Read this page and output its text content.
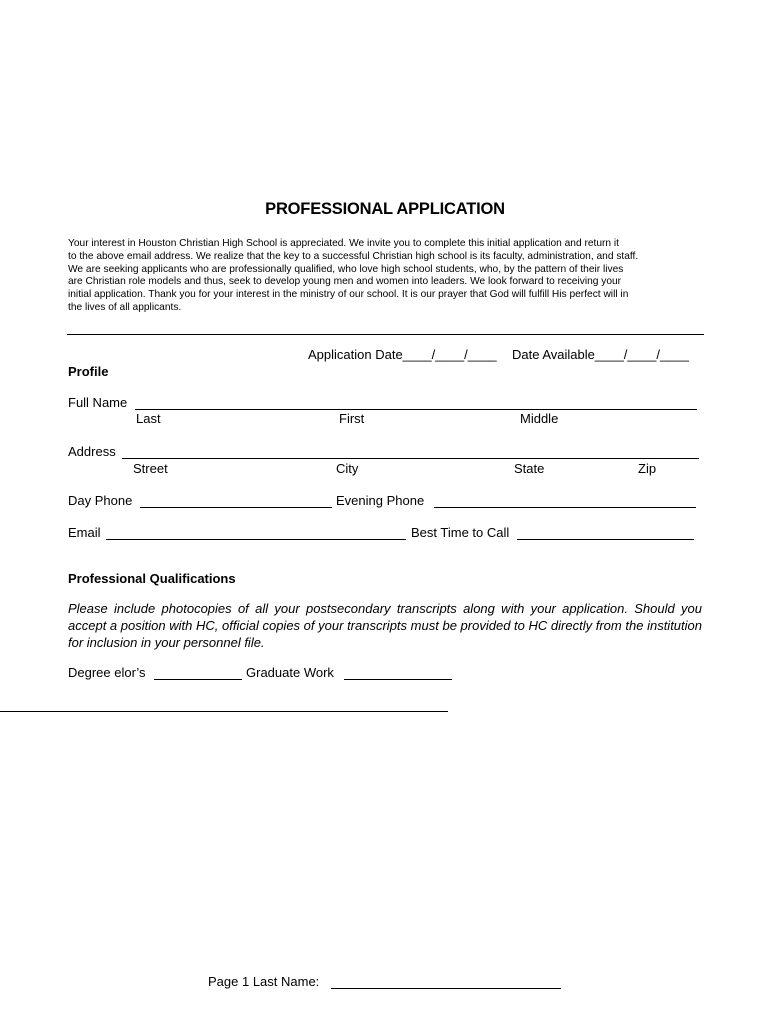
PROFESSIONAL APPLICATION
Your interest in Houston Christian High School is appreciated. We invite you to complete this initial application and return it
to the above email address. We realize that the key to a successful Christian high school is its faculty, administration, and staff.
We are seeking applicants who are professionally qualified, who love high school students, who, by the pattern of their lives
are Christian role models and thus, seek to develop young men and women into leaders. We look forward to receiving your
initial application. Thank you for your interest in the ministry of our school. It is our prayer that God will fulfill His perfect will in
the lives of all applicants.
Application Date____/____/____ Date Available____/____/____
Profile
Full Name
Last	First	Middle
Address
Street	City	State	Zip
Day Phone	Evening Phone
Email	Best Time to Call
Professional Qualifications
Please include photocopies of all your postsecondary transcripts along with your application. Should you accept a position with HC, official copies of your transcripts must be provided to HC directly from the institution for inclusion in your personnel file.
Degree elor’s	Graduate Work
Page 1 Last Name:
